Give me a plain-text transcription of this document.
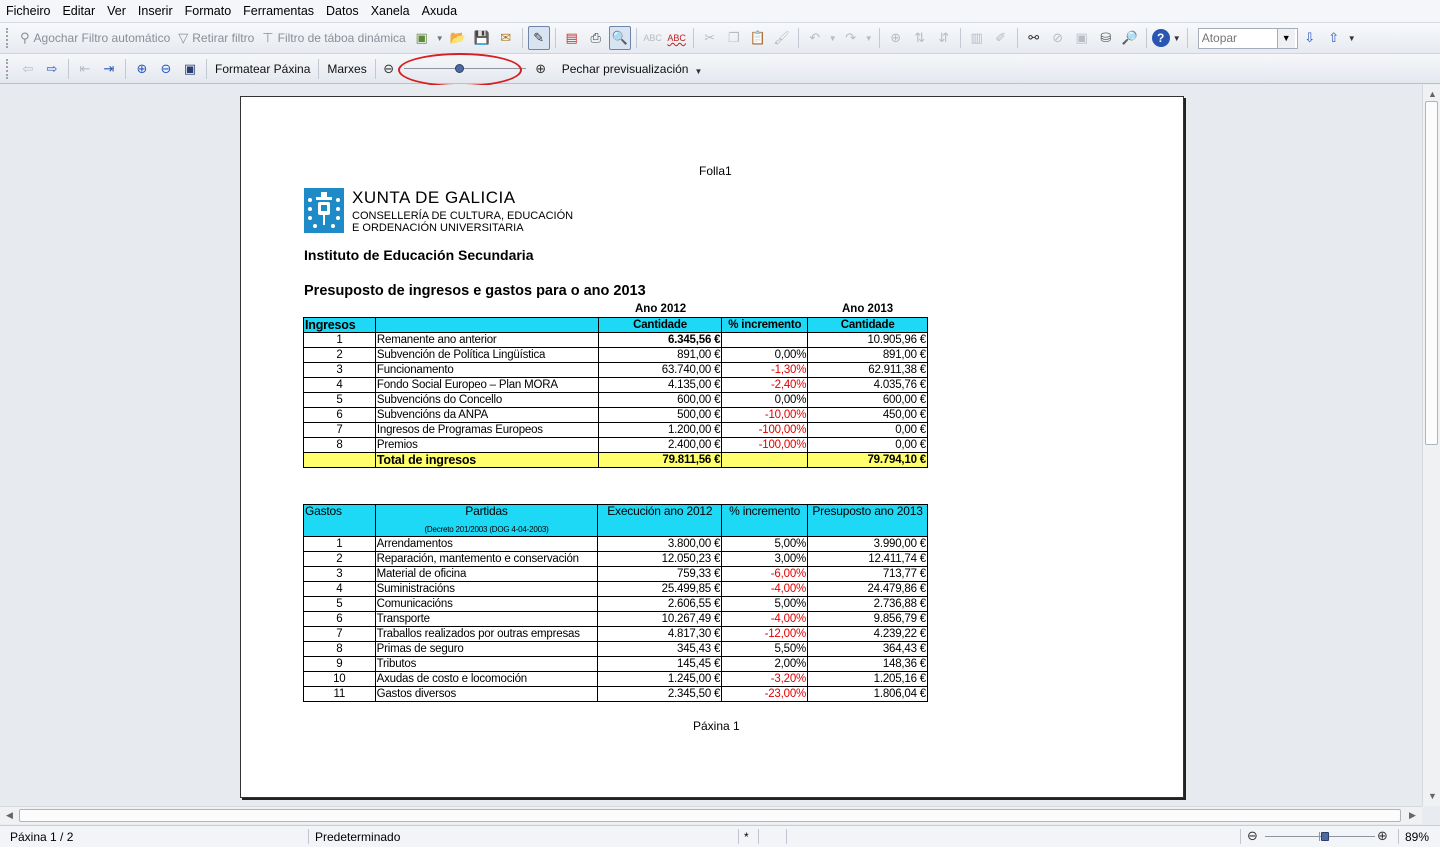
Ficheiro Editar Ver Inserir Formato Ferramentas Datos Xanela Axuda
⚲ Agochar Filtro automático ▽ Retirar filtro ⊤ Filtro de táboa dinámica ▣ ▼ 📂 💾 ✉	✎	▤ ⎙ 🔍	ABC ABC	✂ ❐ 📋 🖌	↶	▼ ↷	▼	⊕	⇅	⇵	▥ ✐	⚯	⊘ ▣ ⛁ 🔎	?	▼
Atopar	▼	⇩	⇧	▼
⇦	⇨	⇤	⇥	⊕	⊖ ▣	Formatear Páxina	Marxes	⊖	⊕	Pechar previsualización ▼
Folla1
XUNTA DE GALICIA
CONSELLERÍA DE CULTURA, EDUCACIÓN
E ORDENACIÓN UNIVERSITARIA
Instituto de Educación Secundaria
Presuposto de ingresos e gastos para o ano 2013
Ano 2012	Ano 2013
Ingresos		Cantidade	% incremento	Cantidade
1	Remanente ano anterior	6.345,56 €		10.905,96 €
2	Subvención de Política Lingüística	891,00 €	0,00%	891,00 €
3	Funcionamento	63.740,00 €	-1,30%	62.911,38 €
4	Fondo Social Europeo – Plan MORA	4.135,00 €	-2,40%	4.035,76 €
5	Subvencións do Concello	600,00 €	0,00%	600,00 €
6	Subvencións da ANPA	500,00 €	-10,00%	450,00 €
7	Ingresos de Programas Europeos	1.200,00 €	-100,00%	0,00 €
8	Premios	2.400,00 €	-100,00%	0,00 €
	Total de ingresos	79.811,56 €		79.794,10 €
Gastos	Partidas
(Decreto 201/2003 (DOG 4-04-2003)	Execución ano 2012	% incremento	Presuposto ano 2013
1	Arrendamentos	3.800,00 €	5,00%	3.990,00 €
2	Reparación, mantemento e conservación	12.050,23 €	3,00%	12.411,74 €
3	Material de oficina	759,33 €	-6,00%	713,77 €
4	Suministracións	25.499,85 €	-4,00%	24.479,86 €
5	Comunicacións	2.606,55 €	5,00%	2.736,88 €
6	Transporte	10.267,49 €	-4,00%	9.856,79 €
7	Traballos realizados por outras empresas	4.817,30 €	-12,00%	4.239,22 €
8	Primas de seguro	345,43 €	5,50%	364,43 €
9	Tributos	145,45 €	2,00%	148,36 €
10	Axudas de costo e locomoción	1.245,00 €	-3,20%	1.205,16 €
11	Gastos diversos	2.345,50 €	-23,00%	1.806,04 €
Páxina 1
▲
▼
◀	▶
Páxina 1 / 2	Predeterminado	*	⊖	⊕ 89%
